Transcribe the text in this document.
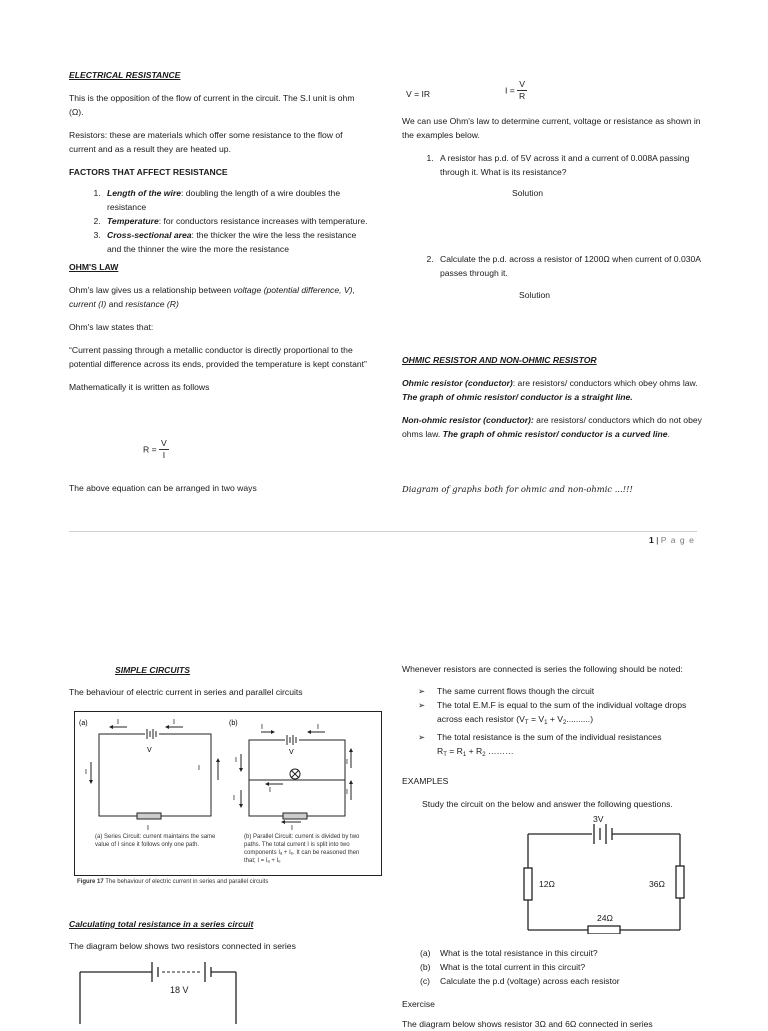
ELECTRICAL RESISTANCE

This is the opposition of the flow of current in the circuit. The S.I unit is ohm (Ω).

Resistors: these are materials which offer some resistance to the flow of current and as a result they are heated up.

FACTORS THAT AFFECT RESISTANCE

1. Length of the wire: doubling the length of a wire doubles the resistance
2. Temperature: for conductors resistance increases with temperature.
3. Cross-sectional area: the thicker the wire the less the resistance and the thinner the wire the more the resistance

OHM'S LAW

Ohm's law gives us a relationship between voltage (potential difference, V), current (I) and resistance (R)

Ohm's law states that:

“Current passing through a metallic conductor is directly proportional to the potential difference across its ends, provided the temperature is kept constant”

Mathematically it is written as follows

$R = \frac{V}{I}$

The above equation can be arranged in two ways

V = IR	$I = \frac{V}{R}$

We can use Ohm's law to determine current, voltage or resistance as shown in the examples below.

1. A resistor has p.d. of 5V across it and a current of 0.008A passing through it. What is its resistance?

Solution

2. Calculate the p.d. across a resistor of 1200Ω when current of 0.030A passes through it.

Solution

OHMIC RESISTOR AND NON-OHMIC RESISTOR

Ohmic resistor (conductor): are resistors/ conductors which obey ohms law. The graph of ohmic resistor/ conductor is a straight line.

Non-ohmic resistor (conductor): are resistors/ conductors which do not obey ohms law. The graph of ohmic resistor/ conductor is a curved line.

Diagram of graphs both for ohmic and non-ohmic ...!!!

1 | P a g e

SIMPLE CIRCUITS

The behaviour of electric current in series and parallel circuits

(a)
V
I	I
I
I
I
(b)
V
I	I
I
I
I
I
I
I
(a) Series Circuit: current maintains the same value of I since it follows only one path.
(b) Parallel Circuit: current is divided by two paths. The total current I is split into two components Iₐ + Iₑ. It can be reasoned then that; I = Iₐ + Iₑ
Figure 17 The behaviour of electric current in series and parallel circuits

Calculating total resistance in a series circuit

The diagram below shows two resistors connected in series

18 V

Whenever resistors are connected is series the following should be noted:

➢ The same current flows though the circuit
➢ The total E.M.F is equal to the sum of the individual voltage drops across each resistor $(V_T = V_1 + V_2..........)$
➢ The total resistance is the sum of the individual resistances
$R_T = R_1 + R_2$ ………

EXAMPLES

Study the circuit on the below and answer the following questions.

3V

12Ω	36Ω

24Ω

(a)	What is the total resistance in this circuit?
(b)	What is the total current in this circuit?
(c)	Calculate the p.d (voltage) across each resistor

Exercise

The diagram below shows resistor 3Ω and 6Ω connected in series
